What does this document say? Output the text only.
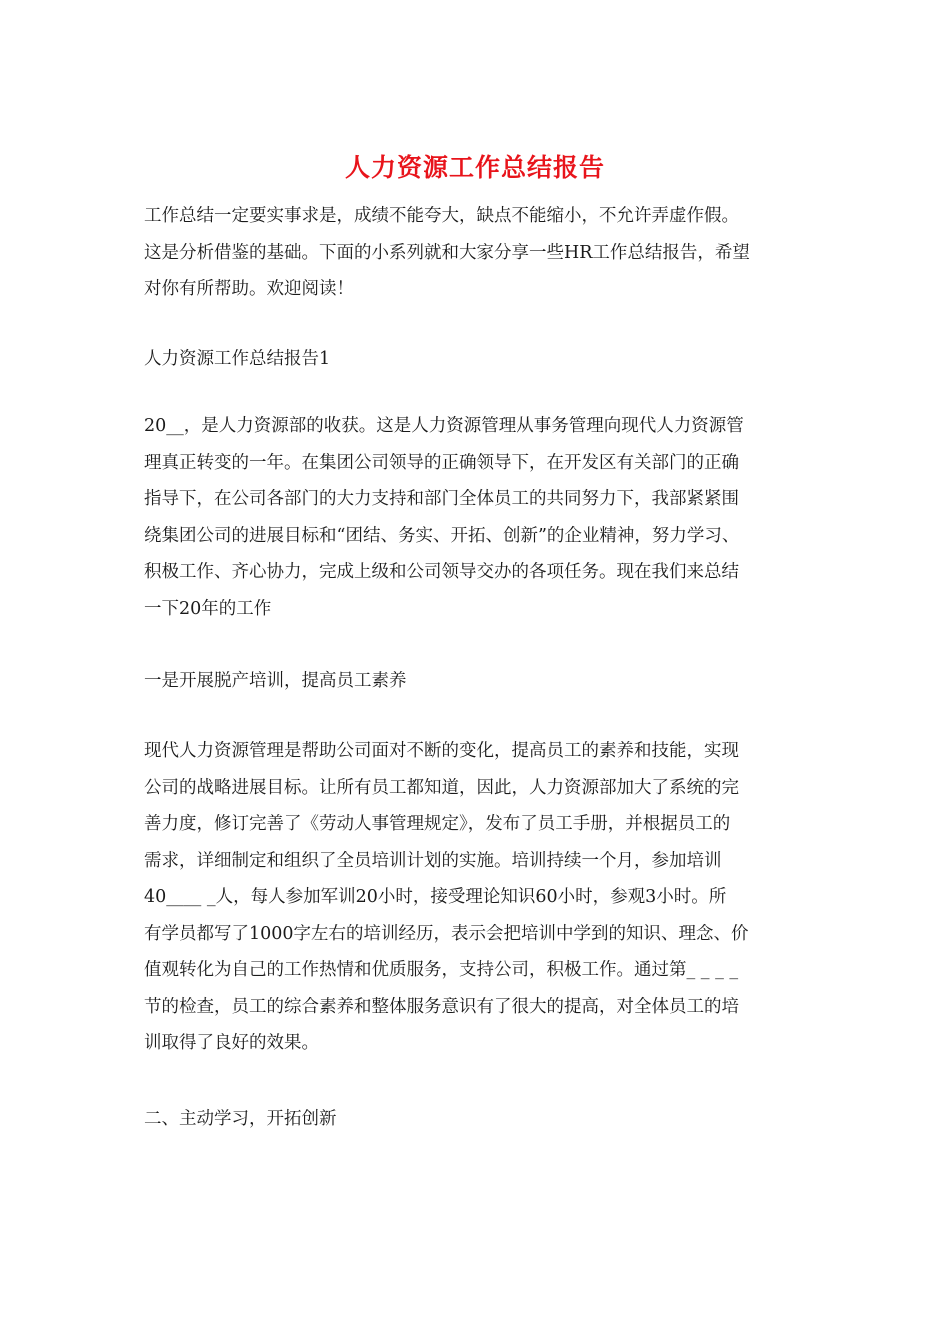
人力资源工作总结报告

工作总结一定要实事求是，成绩不能夸大，缺点不能缩小，不允许弄虚作假。
这是分析借鉴的基础。下面的小系列就和大家分享一些HR工作总结报告，希望
对你有所帮助。欢迎阅读！

人力资源工作总结报告1

20__，是人力资源部的收获。这是人力资源管理从事务管理向现代人力资源管
理真正转变的一年。在集团公司领导的正确领导下，在开发区有关部门的正确
指导下，在公司各部门的大力支持和部门全体员工的共同努力下，我部紧紧围
绕集团公司的进展目标和“团结、务实、开拓、创新”的企业精神，努力学习、
积极工作、齐心协力，完成上级和公司领导交办的各项任务。现在我们来总结
一下20年的工作

一是开展脱产培训，提高员工素养

现代人力资源管理是帮助公司面对不断的变化，提高员工的素养和技能，实现
公司的战略进展目标。让所有员工都知道，因此，人力资源部加大了系统的完
善力度，修订完善了《劳动人事管理规定》，发布了员工手册，并根据员工的
需求，详细制定和组织了全员培训计划的实施。培训持续一个月，参加培训
40____ _人，每人参加军训20小时，接受理论知识60小时，参观3小时。所
有学员都写了1000字左右的培训经历，表示会把培训中学到的知识、理念、价
值观转化为自己的工作热情和优质服务，支持公司，积极工作。通过第_ _ _ _
节的检查，员工的综合素养和整体服务意识有了很大的提高，对全体员工的培
训取得了良好的效果。

二、主动学习，开拓创新
